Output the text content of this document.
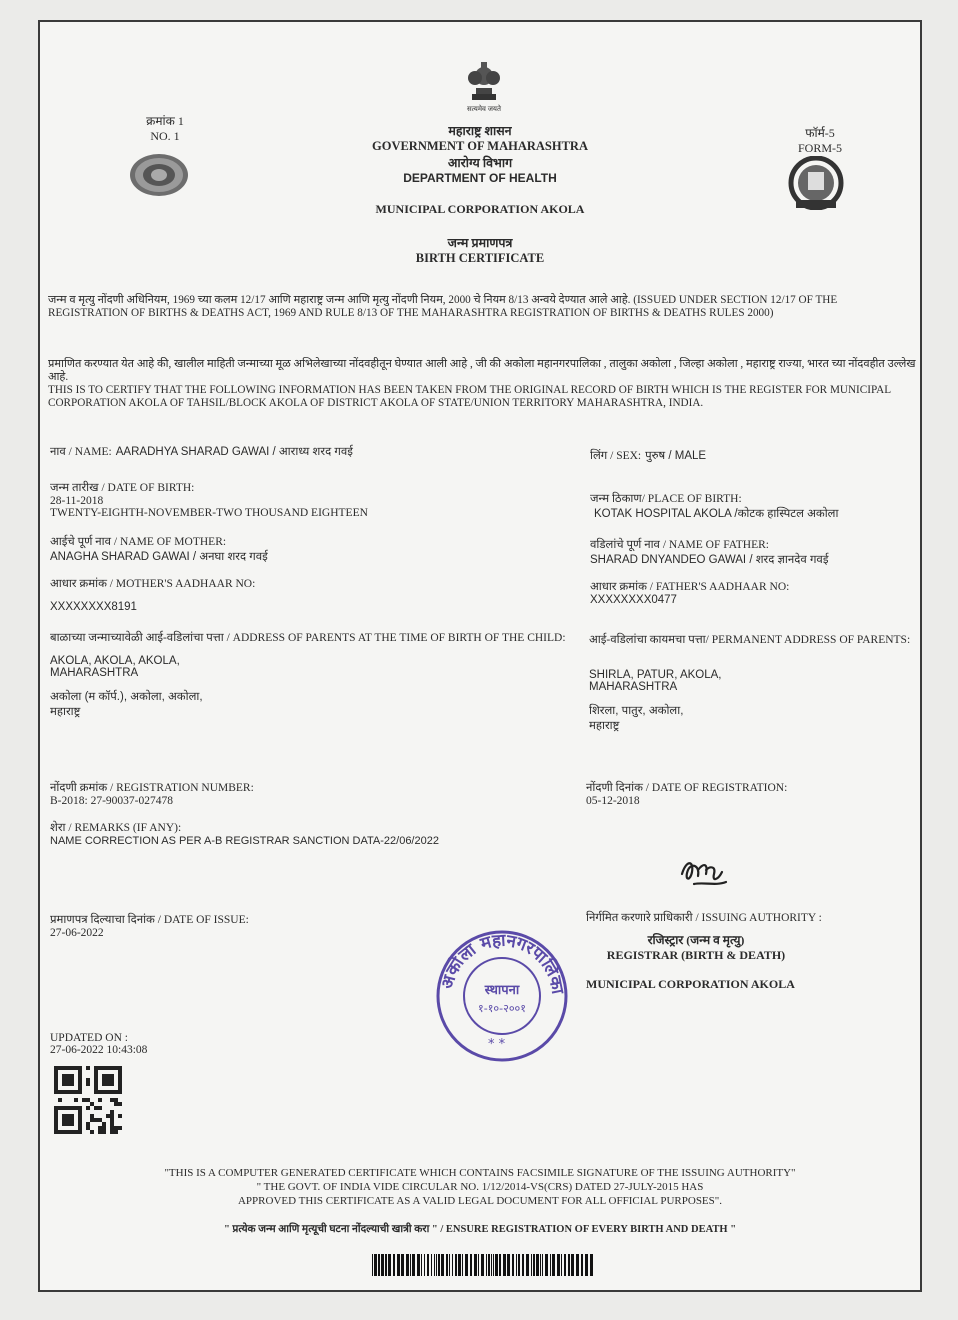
सत्यमेव जयते
क्रमांक 1
NO. 1	फॉर्म-5
FORM-5
महाराष्ट्र शासन
GOVERNMENT OF MAHARASHTRA
आरोग्य विभाग
DEPARTMENT OF HEALTH
MUNICIPAL CORPORATION AKOLA
जन्म प्रमाणपत्र
BIRTH CERTIFICATE
जन्म व मृत्यु नोंदणी अधिनियम, 1969 च्या कलम 12/17 आणि महाराष्ट्र जन्म आणि मृत्यु नोंदणी नियम, 2000 चे नियम 8/13 अन्वये देण्यात आले आहे. (ISSUED UNDER SECTION 12/17 OF THE REGISTRATION OF BIRTHS & DEATHS ACT, 1969 AND RULE 8/13 OF THE MAHARASHTRA REGISTRATION OF BIRTHS & DEATHS RULES 2000)
प्रमाणित करण्यात येत आहे की, खालील माहिती जन्माच्या मूळ अभिलेखाच्या नोंदवहीतून घेण्यात आली आहे , जी की अकोला महानगरपालिका , तालुका अकोला , जिल्हा अकोला , महाराष्ट्र राज्या, भारत च्या नोंदवहीत उल्लेख आहे.
THIS IS TO CERTIFY THAT THE FOLLOWING INFORMATION HAS BEEN TAKEN FROM THE ORIGINAL RECORD OF BIRTH WHICH IS THE REGISTER FOR MUNICIPAL CORPORATION AKOLA OF TAHSIL/BLOCK AKOLA OF DISTRICT AKOLA OF STATE/UNION TERRITORY MAHARASHTRA, INDIA.
नाव / NAME: AARADHYA SHARAD GAWAI / आराध्य शरद गवई
जन्म तारीख / DATE OF BIRTH:
28-11-2018
TWENTY-EIGHTH-NOVEMBER-TWO THOUSAND EIGHTEEN
आईचे पूर्ण नाव / NAME OF MOTHER:
ANAGHA SHARAD GAWAI / अनघा शरद गवई
आधार क्रमांक / MOTHER'S AADHAAR NO:
XXXXXXXX8191
बाळाच्या जन्माच्यावेळी आई-वडिलांचा पत्ता / ADDRESS OF PARENTS AT THE TIME OF BIRTH OF THE CHILD:
AKOLA, AKOLA, AKOLA,
MAHARASHTRA
अकोला (म कॉर्प.), अकोला, अकोला,
महाराष्ट्र
नोंदणी क्रमांक / REGISTRATION NUMBER:
B-2018: 27-90037-027478
शेरा / REMARKS (IF ANY):
NAME CORRECTION AS PER A-B REGISTRAR SANCTION DATA-22/06/2022
प्रमाणपत्र दिल्याचा दिनांक / DATE OF ISSUE:
27-06-2022
UPDATED ON :
27-06-2022 10:43:08
लिंग / SEX: पुरुष / MALE
जन्म ठिकाण/ PLACE OF BIRTH:
KOTAK HOSPITAL AKOLA /कोटक हास्पिटल अकोला
वडिलांचे पूर्ण नाव / NAME OF FATHER:
SHARAD DNYANDEO GAWAI / शरद ज्ञानदेव गवई
आधार क्रमांक / FATHER'S AADHAAR NO:
XXXXXXXX0477
आई-वडिलांचा कायमचा पत्ता/ PERMANENT ADDRESS OF PARENTS:
SHIRLA, PATUR, AKOLA,
MAHARASHTRA
शिरला, पातुर, अकोला,
महाराष्ट्र
नोंदणी दिनांक / DATE OF REGISTRATION:
05-12-2018
निर्गमित करणारे प्राधिकारी / ISSUING AUTHORITY :
रजिस्ट्रार (जन्म व मृत्यु)
REGISTRAR (BIRTH & DEATH)
MUNICIPAL CORPORATION AKOLA
अकोला महानगरपालिका
स्थापना
१-१०-२००१
* *
"THIS IS A COMPUTER GENERATED CERTIFICATE WHICH CONTAINS FACSIMILE SIGNATURE OF THE ISSUING AUTHORITY"
" THE GOVT. OF INDIA VIDE CIRCULAR NO. 1/12/2014-VS(CRS) DATED 27-JULY-2015 HAS
APPROVED THIS CERTIFICATE AS A VALID LEGAL DOCUMENT FOR ALL OFFICIAL PURPOSES".
" प्रत्येक जन्म आणि मृत्यूची घटना नोंदल्याची खात्री करा " / ENSURE REGISTRATION OF EVERY BIRTH AND DEATH "
